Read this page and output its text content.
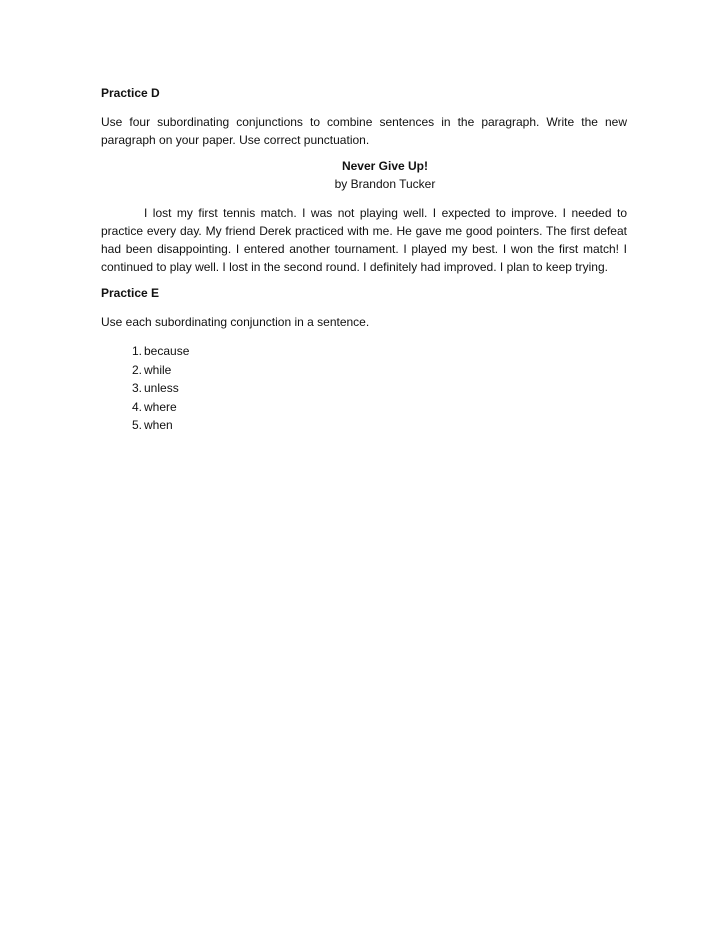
Practice D

Use four subordinating conjunctions to combine sentences in the paragraph. Write the new paragraph on your paper. Use correct punctuation.

Never Give Up!

by Brandon Tucker

I lost my first tennis match. I was not playing well. I expected to improve. I needed to practice every day. My friend Derek practiced with me. He gave me good pointers. The first defeat had been disappointing. I entered another tournament. I played my best. I won the first match! I continued to play well. I lost in the second round. I definitely had improved. I plan to keep trying.

Practice E

Use each subordinating conjunction in a sentence.

1. because
2. while
3. unless
4. where
5. when
